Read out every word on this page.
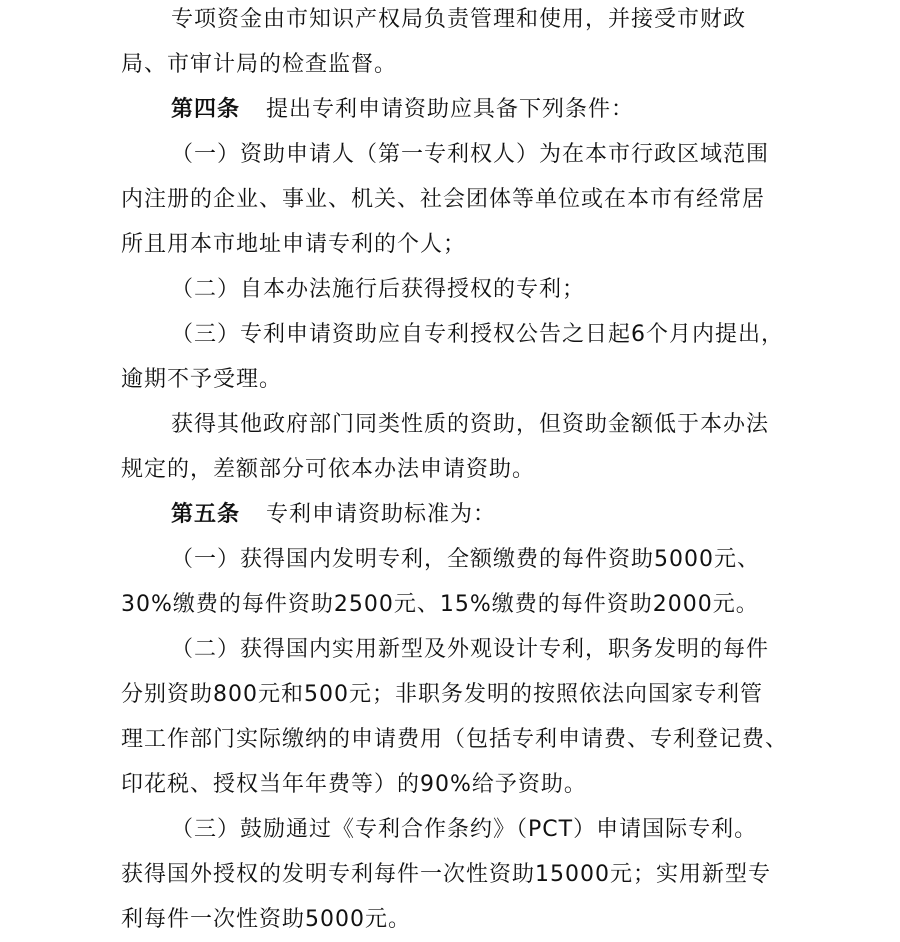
专项资金由市知识产权局负责管理和使用，并接受市财政
局、市审计局的检查监督。
第四条 提出专利申请资助应具备下列条件：
（一）资助申请人（第一专利权人）为在本市行政区域范围
内注册的企业、事业、机关、社会团体等单位或在本市有经常居
所且用本市地址申请专利的个人；
（二）自本办法施行后获得授权的专利；
（三）专利申请资助应自专利授权公告之日起6个月内提出，
逾期不予受理。
获得其他政府部门同类性质的资助，但资助金额低于本办法
规定的，差额部分可依本办法申请资助。
第五条 专利申请资助标准为：
（一）获得国内发明专利，全额缴费的每件资助5000元、
30%缴费的每件资助2500元、15%缴费的每件资助2000元。
（二）获得国内实用新型及外观设计专利，职务发明的每件
分别资助800元和500元；非职务发明的按照依法向国家专利管
理工作部门实际缴纳的申请费用（包括专利申请费、专利登记费、
印花税、授权当年年费等）的90%给予资助。
（三）鼓励通过《专利合作条约》（PCT）申请国际专利。
获得国外授权的发明专利每件一次性资助15000元；实用新型专
利每件一次性资助5000元。
